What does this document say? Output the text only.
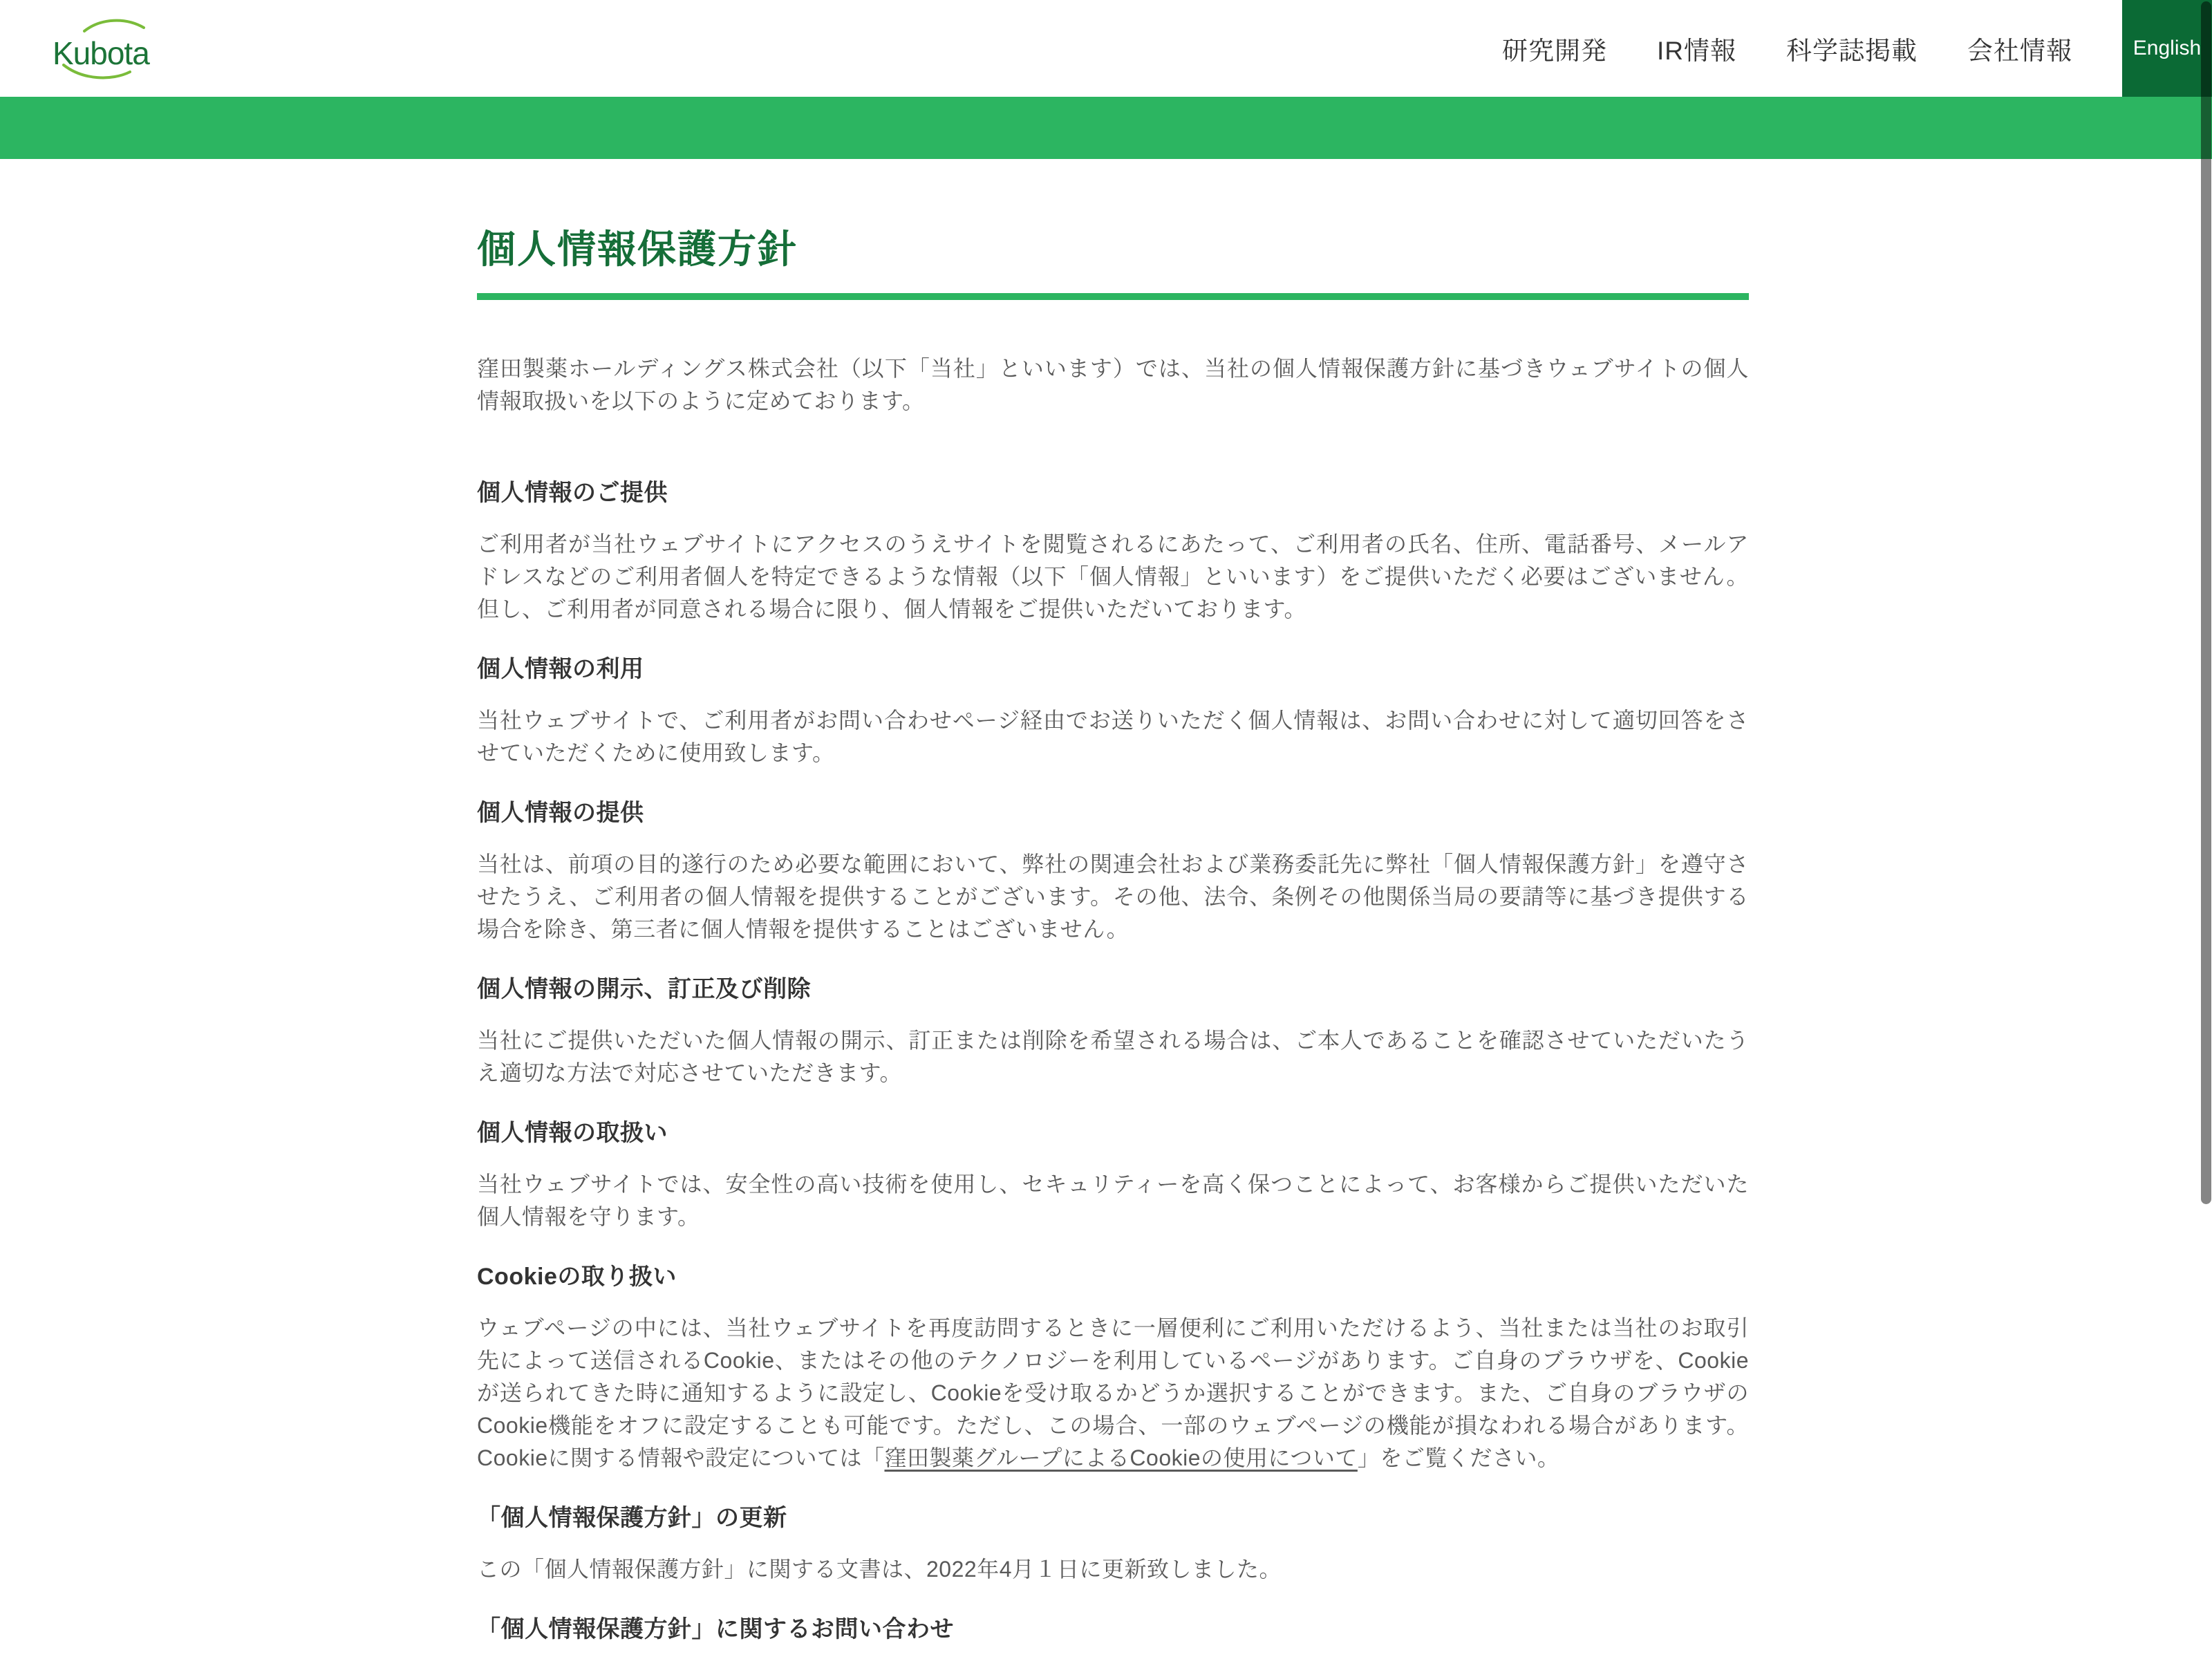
Kubota	研究開発 IR情報 科学誌掲載 会社情報	English
個人情報保護方針

窪田製薬ホールディングス株式会社（以下「当社」といいます）では、当社の個人情報保護方針に基づきウェブサイトの個人情報取扱いを以下のように定めております。

個人情報のご提供

ご利用者が当社ウェブサイトにアクセスのうえサイトを閲覧されるにあたって、ご利用者の氏名、住所、電話番号、メールアドレスなどのご利用者個人を特定できるような情報（以下「個人情報」といいます）をご提供いただく必要はございません。但し、ご利用者が同意される場合に限り、個人情報をご提供いただいております。

個人情報の利用

当社ウェブサイトで、ご利用者がお問い合わせページ経由でお送りいただく個人情報は、お問い合わせに対して適切回答をさせていただくために使用致します。

個人情報の提供

当社は、前項の目的遂行のため必要な範囲において、弊社の関連会社および業務委託先に弊社「個人情報保護方針」を遵守させたうえ、ご利用者の個人情報を提供することがございます。その他、法令、条例その他関係当局の要請等に基づき提供する場合を除き、第三者に個人情報を提供することはございません。

個人情報の開示、訂正及び削除

当社にご提供いただいた個人情報の開示、訂正または削除を希望される場合は、ご本人であることを確認させていただいたうえ適切な方法で対応させていただきます。

個人情報の取扱い

当社ウェブサイトでは、安全性の高い技術を使用し、セキュリティーを高く保つことによって、お客様からご提供いただいた個人情報を守ります。

Cookieの取り扱い

ウェブページの中には、当社ウェブサイトを再度訪問するときに一層便利にご利用いただけるよう、当社または当社のお取引先によって送信されるCookie、またはその他のテクノロジーを利用しているページがあります。ご自身のブラウザを、Cookieが送られてきた時に通知するように設定し、Cookieを受け取るかどうか選択することができます。また、ご自身のブラウザのCookie機能をオフに設定することも可能です。ただし、この場合、一部のウェブページの機能が損なわれる場合があります。Cookieに関する情報や設定については「窪田製薬グループによるCookieの使用について」をご覧ください。

「個人情報保護方針」の更新

この「個人情報保護方針」に関する文書は、2022年4月１日に更新致しました。

「個人情報保護方針」に関するお問い合わせ
